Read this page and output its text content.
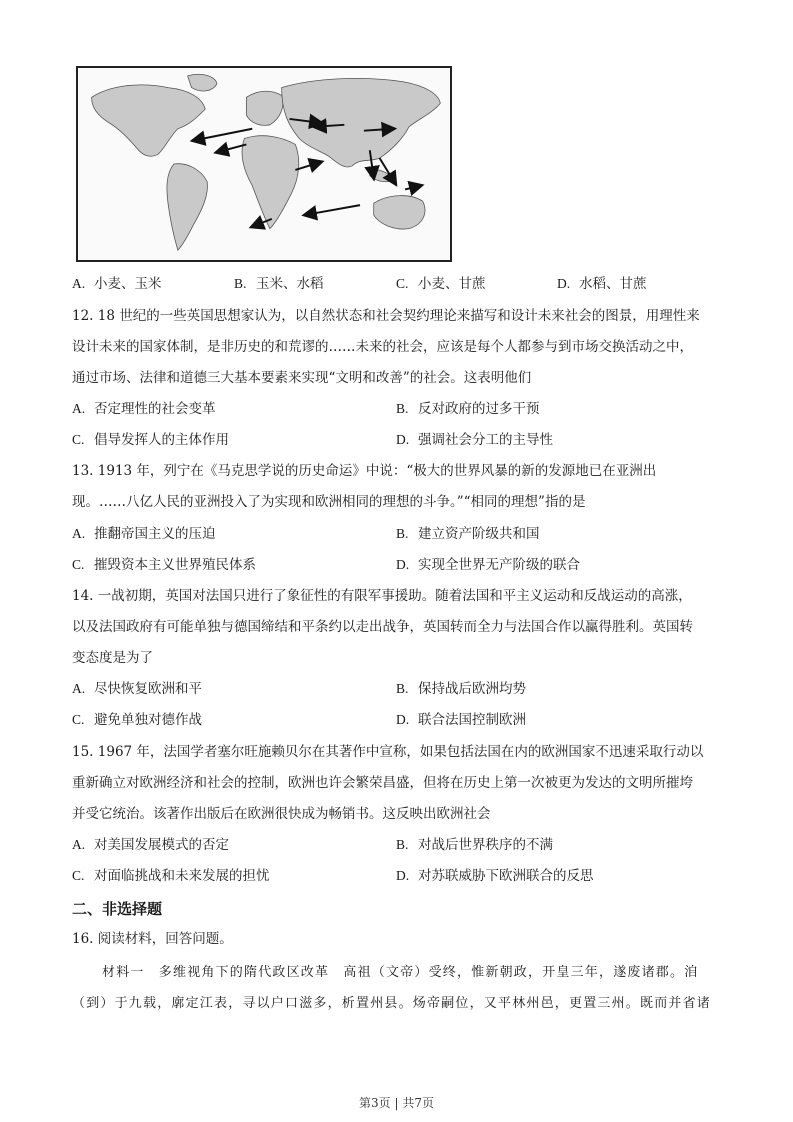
A. 小麦、玉米	B. 玉米、水稻	C. 小麦、甘蔗	D. 水稻、甘蔗
12. 18 世纪的一些英国思想家认为，以自然状态和社会契约理论来描写和设计未来社会的图景，用理性来
设计未来的国家体制，是非历史的和荒谬的……未来的社会，应该是每个人都参与到市场交换活动之中，
通过市场、法律和道德三大基本要素来实现“文明和改善”的社会。这表明他们
A. 否定理性的社会变革	B. 反对政府的过多干预
C. 倡导发挥人的主体作用	D. 强调社会分工的主导性
13. 1913 年，列宁在《马克思学说的历史命运》中说：“极大的世界风暴的新的发源地已在亚洲出
现。……八亿人民的亚洲投入了为实现和欧洲相同的理想的斗争。”“相同的理想”指的是
A. 推翻帝国主义的压迫	B. 建立资产阶级共和国
C. 摧毁资本主义世界殖民体系	D. 实现全世界无产阶级的联合
14. 一战初期，英国对法国只进行了象征性的有限军事援助。随着法国和平主义运动和反战运动的高涨，
以及法国政府有可能单独与德国缔结和平条约以走出战争，英国转而全力与法国合作以赢得胜利。英国转
变态度是为了
A. 尽快恢复欧洲和平	B. 保持战后欧洲均势
C. 避免单独对德作战	D. 联合法国控制欧洲
15. 1967 年，法国学者塞尔旺施赖贝尔在其著作中宣称，如果包括法国在内的欧洲国家不迅速采取行动以
重新确立对欧洲经济和社会的控制，欧洲也许会繁荣昌盛，但将在历史上第一次被更为发达的文明所摧垮
并受它统治。该著作出版后在欧洲很快成为畅销书。这反映出欧洲社会
A. 对美国发展模式的否定	B. 对战后世界秩序的不满
C. 对面临挑战和未来发展的担忧	D. 对苏联威胁下欧洲联合的反思
二、非选择题
16. 阅读材料，回答问题。
材料一　多维视角下的隋代政区改革　高祖（文帝）受终，惟新朝政，开皇三年，遂废诸郡。洎
（到）于九载，廓定江表，寻以户口滋多，析置州县。炀帝嗣位，又平林州邑，更置三州。既而并省诸
第3页 | 共7页
